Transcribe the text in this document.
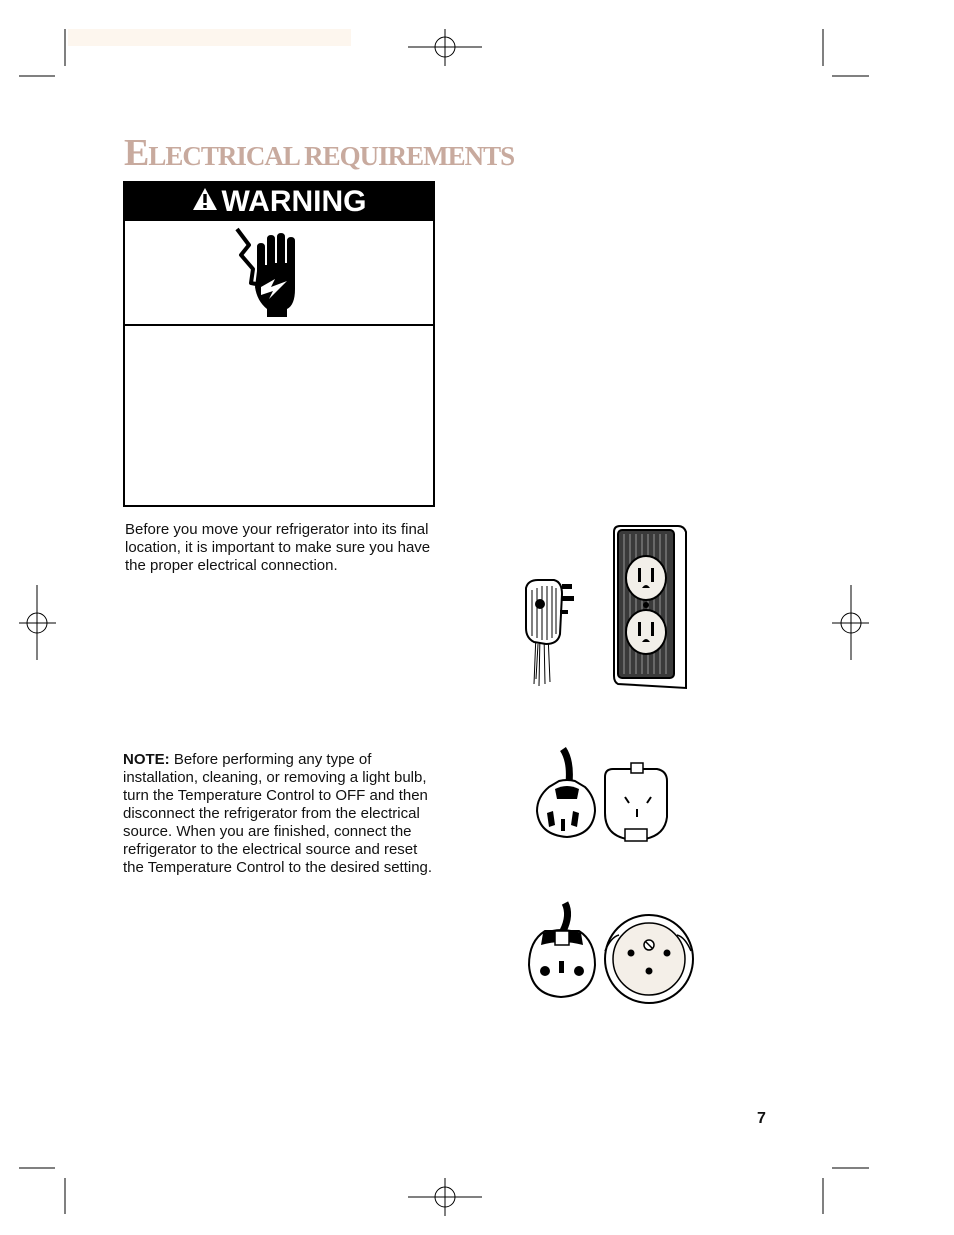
ELECTRICAL REQUIREMENTS
WARNING

Before you move your refrigerator into its final location, it is important to make sure you have the proper electrical connection.

NOTE: Before performing any type of installation, cleaning, or removing a light bulb, turn the Temperature Control to OFF and then disconnect the refrigerator from the electrical source. When you are finished, connect the refrigerator to the electrical source and reset the Temperature Control to the desired setting.

7
